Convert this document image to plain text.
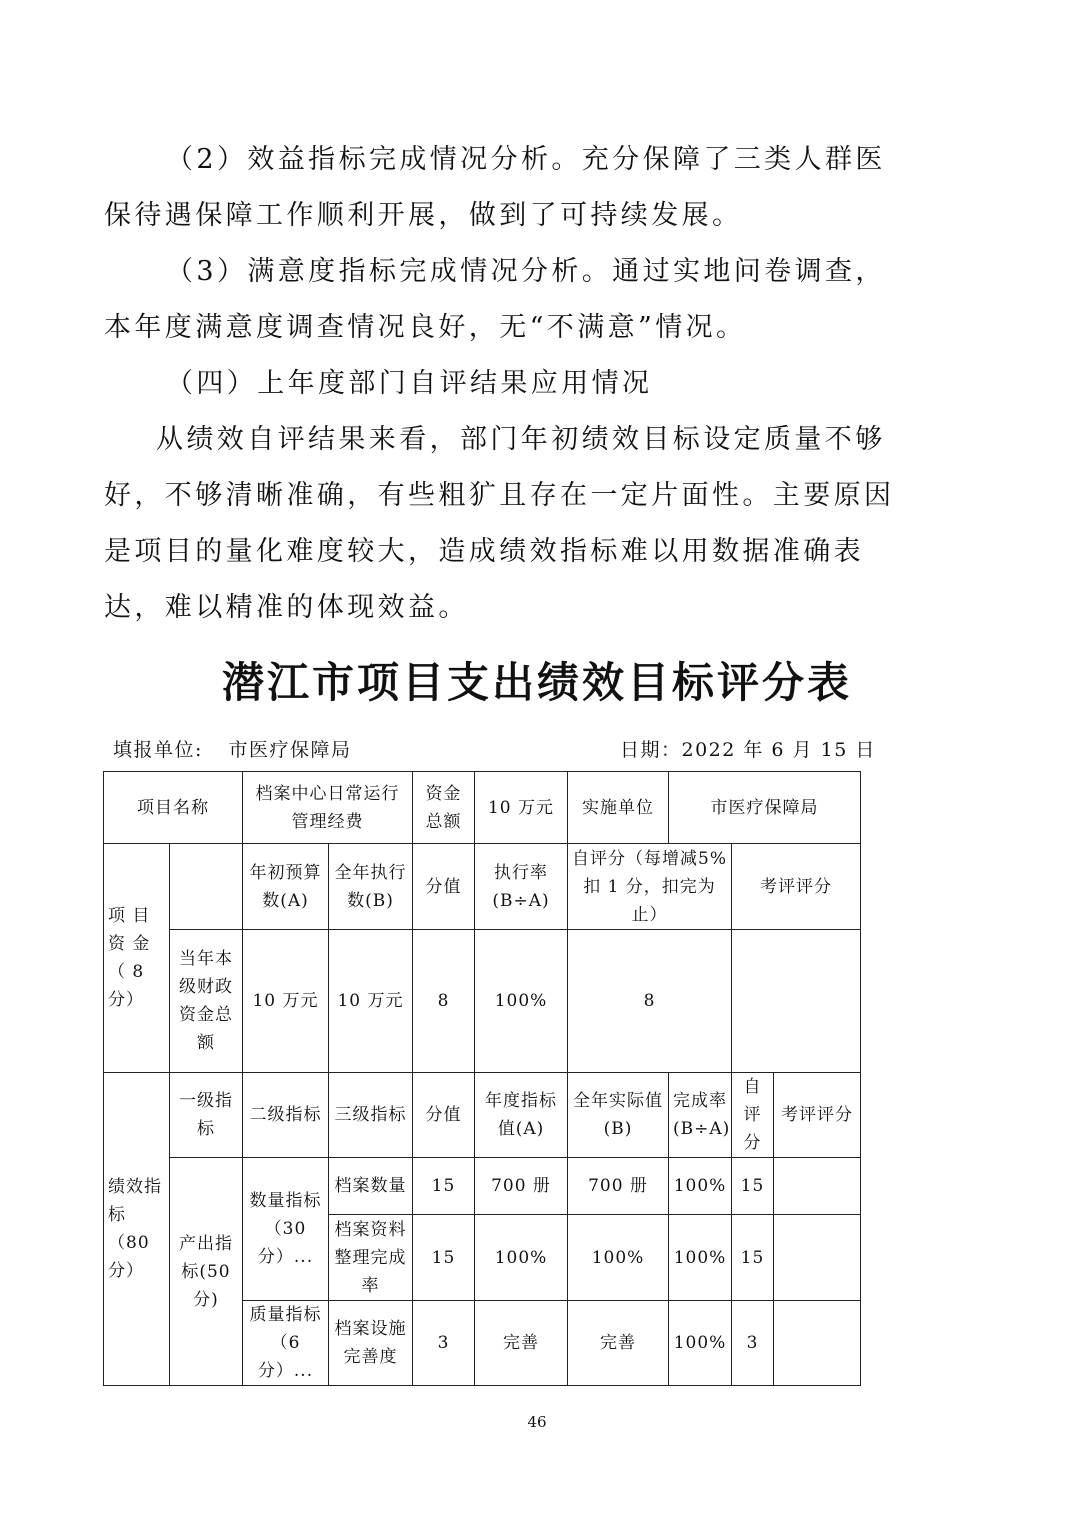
（2）效益指标完成情况分析。充分保障了三类人群医保待遇保障工作顺利开展，做到了可持续发展。

（3）满意度指标完成情况分析。通过实地问卷调查，本年度满意度调查情况良好，无“不满意”情况。

（四）上年度部门自评结果应用情况

从绩效自评结果来看，部门年初绩效目标设定质量不够好，不够清晰准确，有些粗犷且存在一定片面性。主要原因是项目的量化难度较大，造成绩效指标难以用数据准确表达，难以精准的体现效益。

潜江市项目支出绩效目标评分表
填报单位: 市医疗保障局	日期：2022 年 6 月 15 日
项目名称		档案中心日常运行管理经费		资金总额	10 万元	实施单位	市医疗保障局		
项 目 资 金 （ 8 分）		年初预算数(A)	全年执行数(B)	分值	执行率(B÷A)	自评分（每增减5%扣 1 分，扣完为止）		考评评分	
	当年本级财政资金总额	10 万元	10 万元	8	100%	8			
绩效指标（80分）	一级指标	二级指标	三级指标	分值	年度指标值(A)	全年实际值(B)	完成率(B÷A)	自评分	考评评分
	产出指标(50分)	数量指标（30分）...	档案数量	15	700 册	700 册	100%	15	
			档案资料整理完成率	15	100%	100%	100%	15	
		质量指标（6分）...	档案设施完善度	3	完善	完善	100%	3	
46
